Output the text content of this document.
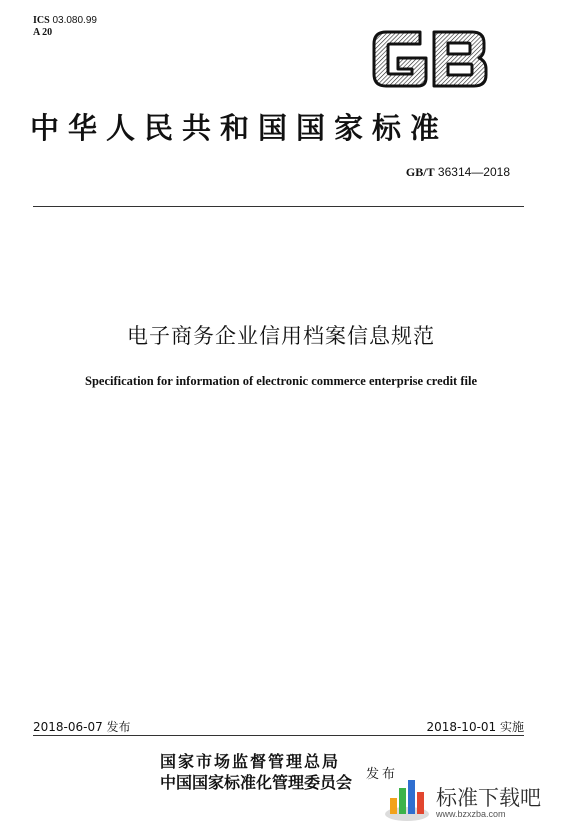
ICS 03.080.99
A 20
中华人民共和国国家标准
GB/T 36314—2018
电子商务企业信用档案信息规范
Specification for information of electronic commerce enterprise credit file
2018-06-07 发布	2018-10-01 实施
国家市场监督管理总局
中国国家标准化管理委员会 发布
标准下载吧
www.bzxzba.com
